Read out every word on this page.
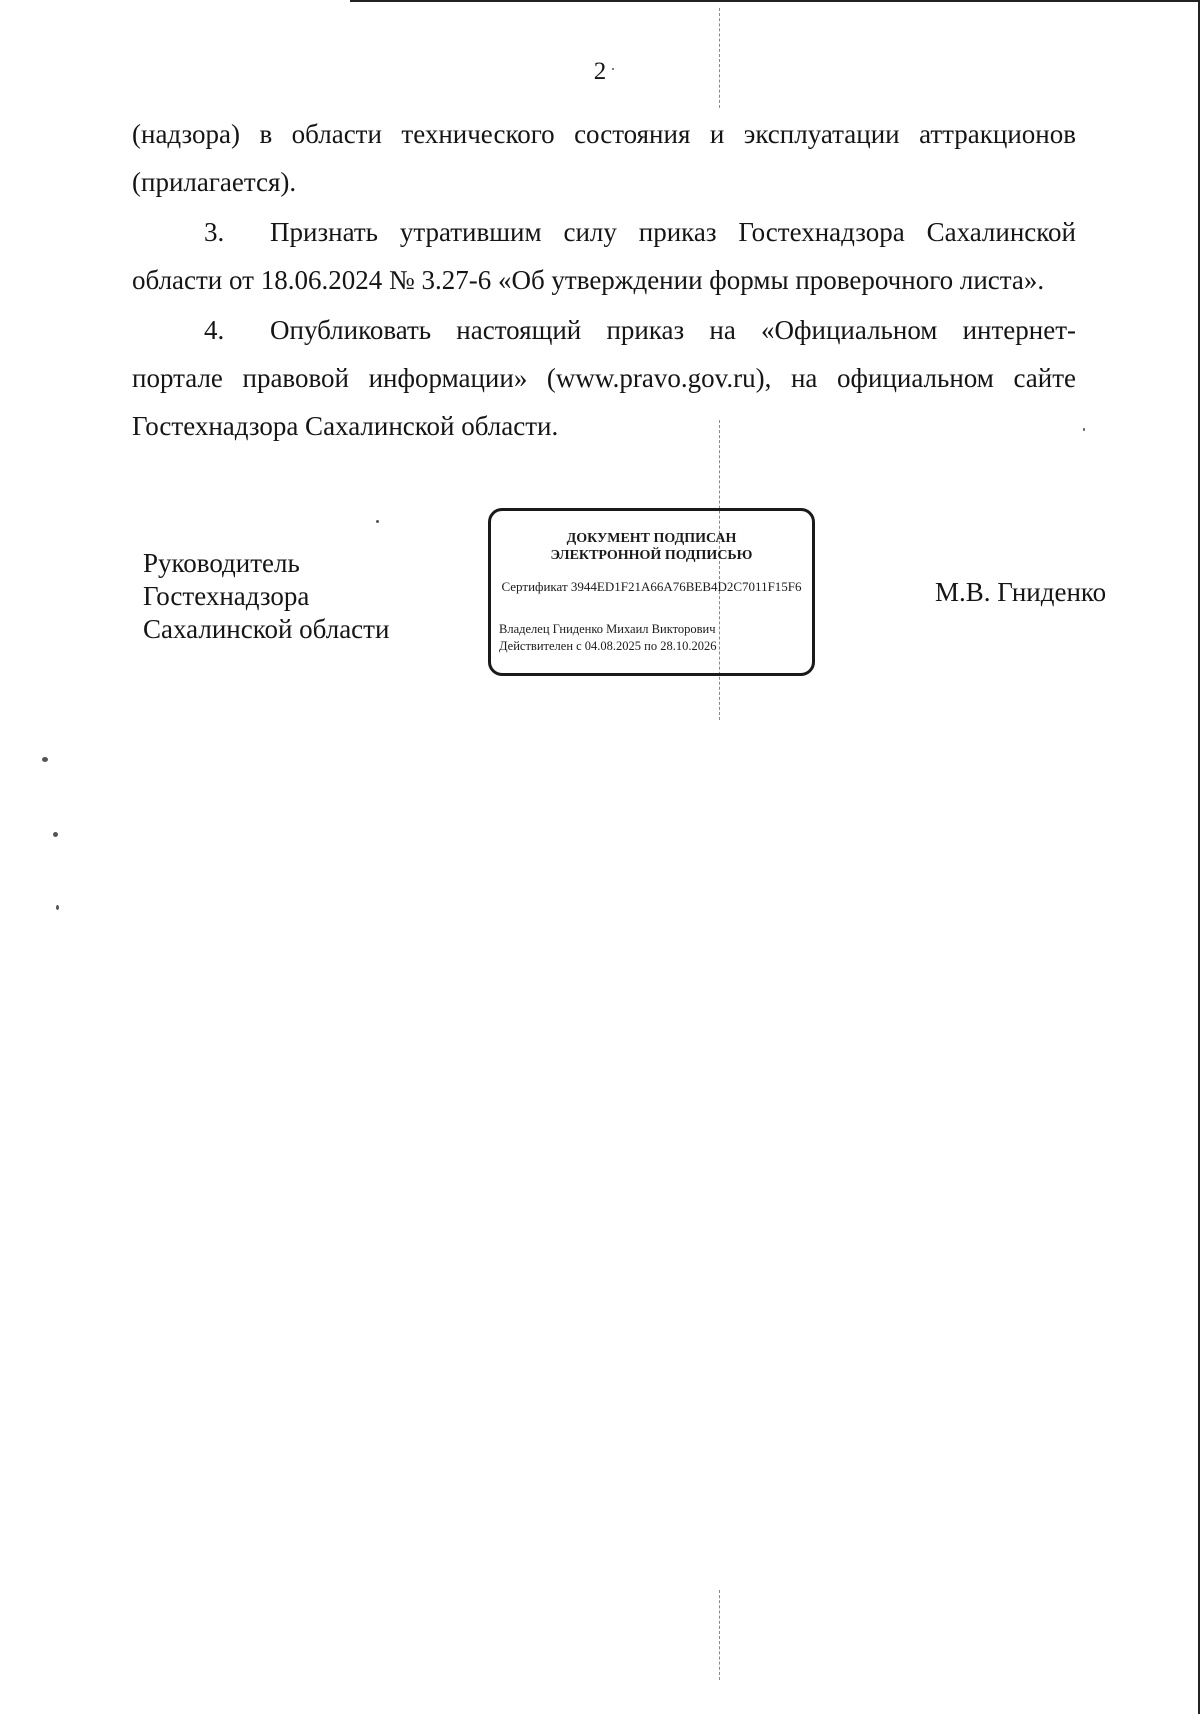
2
(надзора) в области технического состояния и эксплуатации аттракционов
(прилагается).
3. Признать утратившим силу приказ Гостехнадзора Сахалинской
области от 18.06.2024 № 3.27-6 «Об утверждении формы проверочного листа».
4. Опубликовать настоящий приказ на «Официальном интернет-
портале правовой информации» (www.pravo.gov.ru), на официальном сайте
Гостехнадзора Сахалинской области.
Руководитель
Гостехнадзора
Сахалинской области
ДОКУМЕНТ ПОДПИСАН
ЭЛЕКТРОННОЙ ПОДПИСЬЮ
Сертификат 3944ED1F21A66A76BEB4D2C7011F15F6
Владелец Гниденко Михаил Викторович
Действителен с 04.08.2025 по 28.10.2026
М.В. Гниденко
